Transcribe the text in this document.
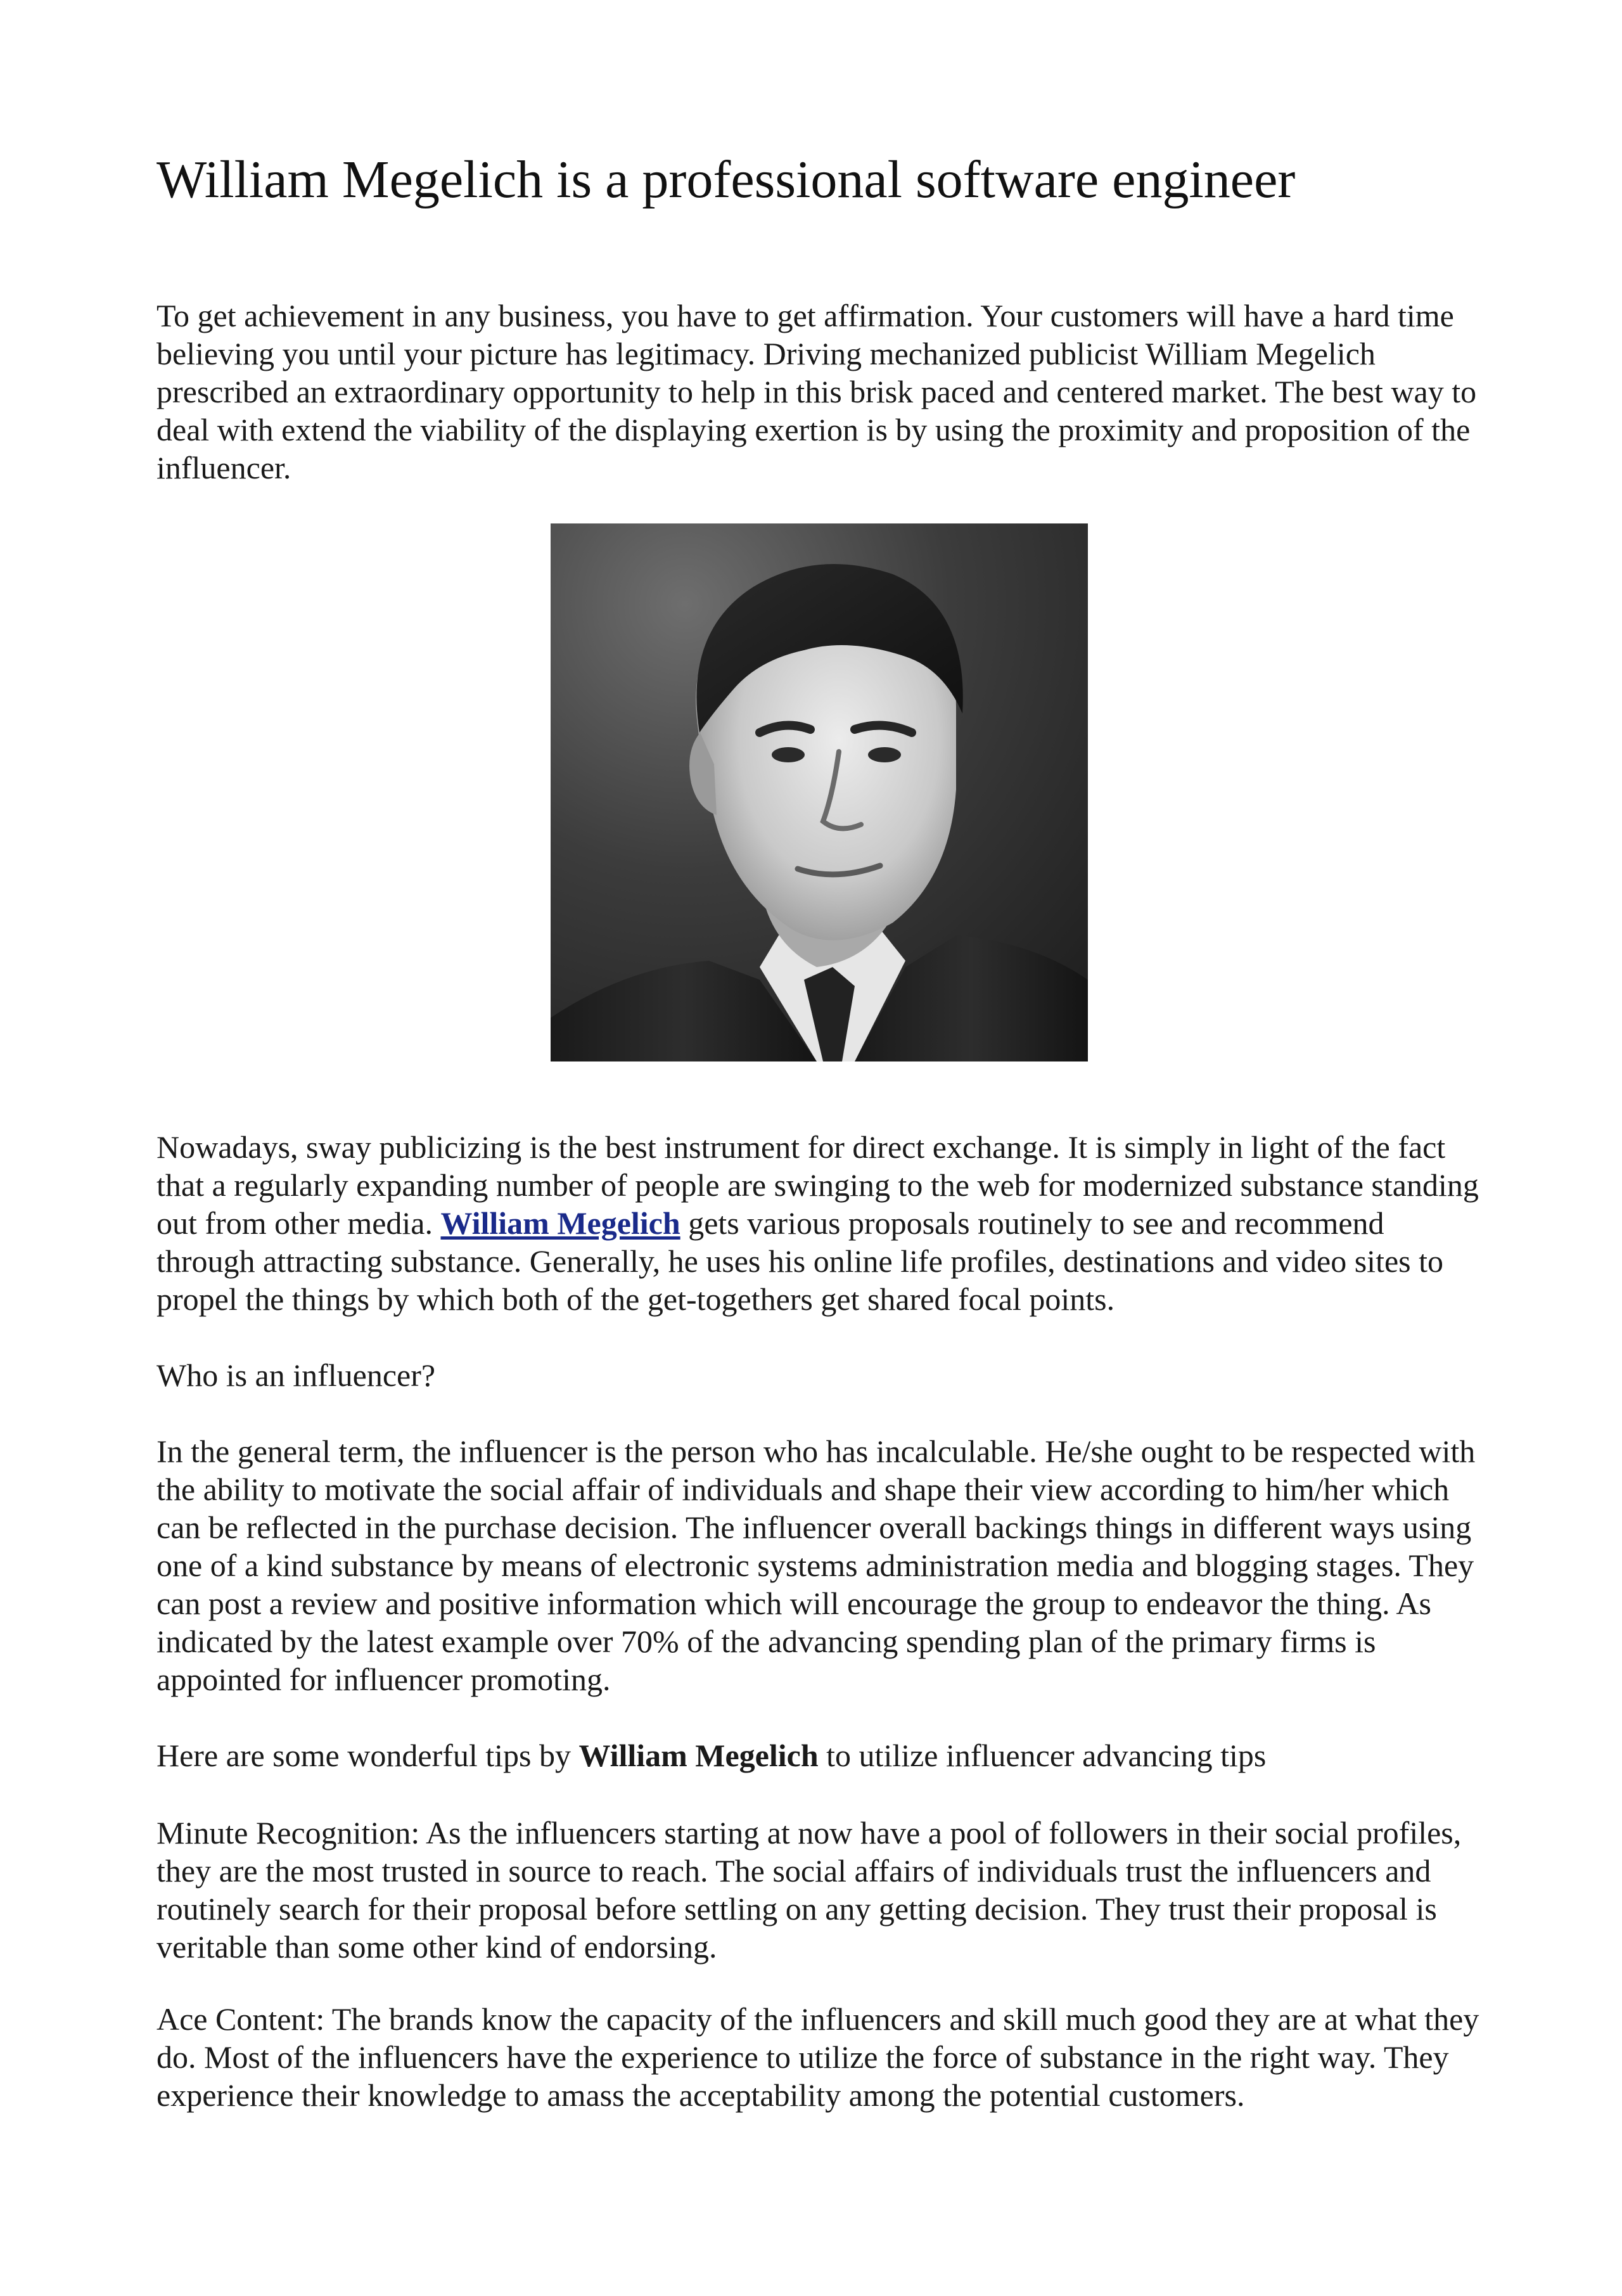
William Megelich is a professional software engineer

To get achievement in any business, you have to get affirmation. Your customers will have a hard time believing you until your picture has legitimacy. Driving mechanized publicist William Megelich prescribed an extraordinary opportunity to help in this brisk paced and centered market. The best way to deal with extend the viability of the displaying exertion is by using the proximity and proposition of the influencer.

Nowadays, sway publicizing is the best instrument for direct exchange. It is simply in light of the fact that a regularly expanding number of people are swinging to the web for modernized substance standing out from other media. William Megelich gets various proposals routinely to see and recommend through attracting substance. Generally, he uses his online life profiles, destinations and video sites to propel the things by which both of the get-togethers get shared focal points.

Who is an influencer?

In the general term, the influencer is the person who has incalculable. He/she ought to be respected with the ability to motivate the social affair of individuals and shape their view according to him/her which can be reflected in the purchase decision. The influencer overall backings things in different ways using one of a kind substance by means of electronic systems administration media and blogging stages. They can post a review and positive information which will encourage the group to endeavor the thing. As indicated by the latest example over 70% of the advancing spending plan of the primary firms is appointed for influencer promoting.

Here are some wonderful tips by William Megelich to utilize influencer advancing tips

Minute Recognition: As the influencers starting at now have a pool of followers in their social profiles, they are the most trusted in source to reach. The social affairs of individuals trust the influencers and routinely search for their proposal before settling on any getting decision. They trust their proposal is veritable than some other kind of endorsing.

Ace Content: The brands know the capacity of the influencers and skill much good they are at what they do. Most of the influencers have the experience to utilize the force of substance in the right way. They experience their knowledge to amass the acceptability among the potential customers.
